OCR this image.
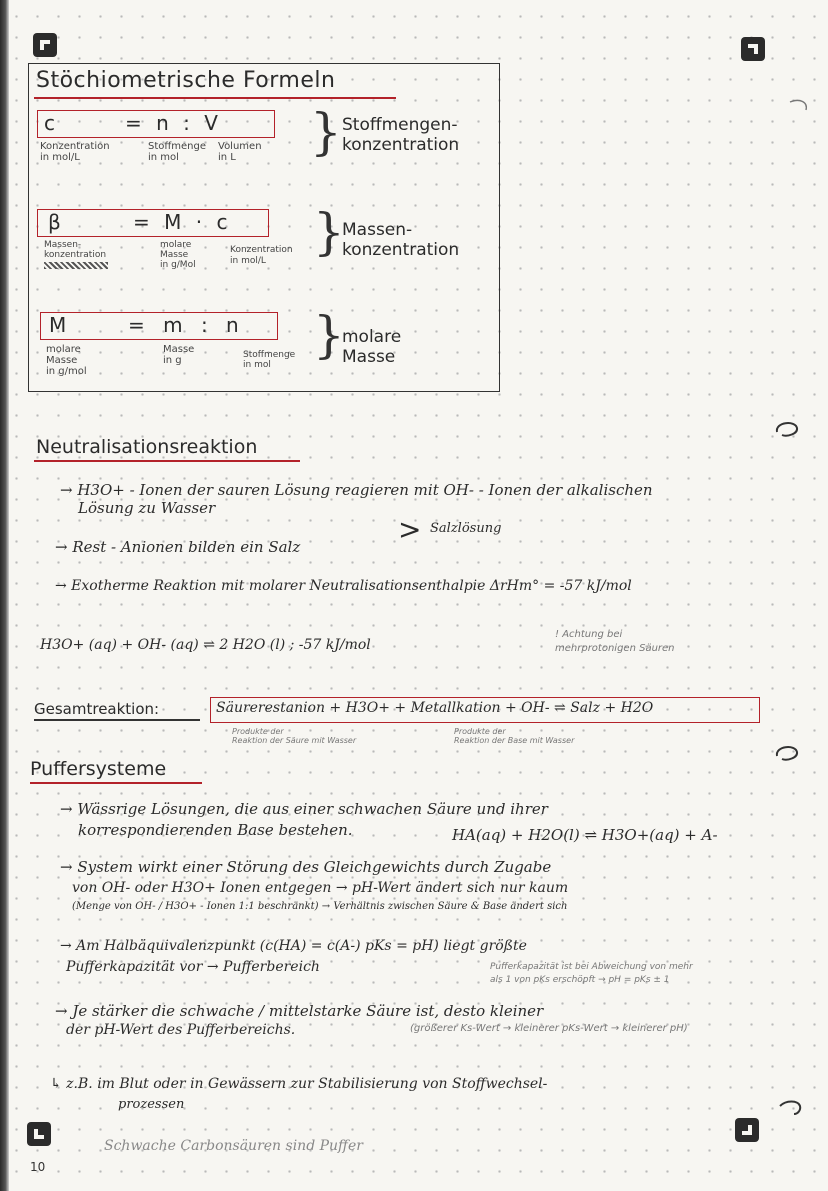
10
Stöchiometrische Formeln
c	= n : V
Konzentration
in mol/L
Stoffmenge
in mol
Volumen
in L	} Stoffmengen-
konzentration
β	= M · c
Massen-
konzentration
molare
Masse
in g/Mol
Konzentration
in mol/L }
Massen-
konzentration
M	= m : n
molare
Masse
in g/mol
Masse
in g	Stoffmenge
in mol
}
molare
Masse
Neutralisationsreaktion
→ H3O+ - Ionen der sauren Lösung reagieren mit OH- - Ionen der alkalischen
Lösung zu Wasser
→ Rest - Anionen bilden ein Salz
> Salzlösung
→ Exotherme Reaktion mit molarer Neutralisationsenthalpie ΔrHm° = -57 kJ/mol
H3O+ (aq) + OH- (aq) ⇌ 2 H2O (l) ; -57 kJ/mol
! Achtung bei
mehrprotonigen Säuren
Gesamtreaktion:	Säurerestanion + H3O+ + Metallkation + OH- ⇌ Salz + H2O
Produkte der
Reaktion der Säure mit Wasser
Produkte der
Reaktion der Base mit Wasser
Puffersysteme
→ Wässrige Lösungen, die aus einer schwachen Säure und ihrer
korrespondierenden Base bestehen.	HA(aq) + H2O(l) ⇌ H3O+(aq) + A-
→ System wirkt einer Störung des Gleichgewichts durch Zugabe
von OH- oder H3O+ Ionen entgegen → pH-Wert ändert sich nur kaum
(Menge von OH- / H3O+ - Ionen 1:1 beschränkt) → Verhältnis zwischen Säure & Base ändert sich
→ Am Halbäquivalenzpunkt (c(HA) = c(A-) pKs = pH) liegt größte
Pufferkapazität vor → Pufferbereich	Pufferkapazität ist bei Abweichung von mehr
als 1 von pKs erschöpft → pH = pKs ± 1
→ Je stärker die schwache / mittelstarke Säure ist, desto kleiner
der pH-Wert des Pufferbereichs.	(größerer Ks-Wert → kleinerer pKs-Wert → kleinerer pH)
↳ z.B. im Blut oder in Gewässern zur Stabilisierung von Stoffwechsel-
prozessen
Schwache Carbonsäuren sind Puffer
